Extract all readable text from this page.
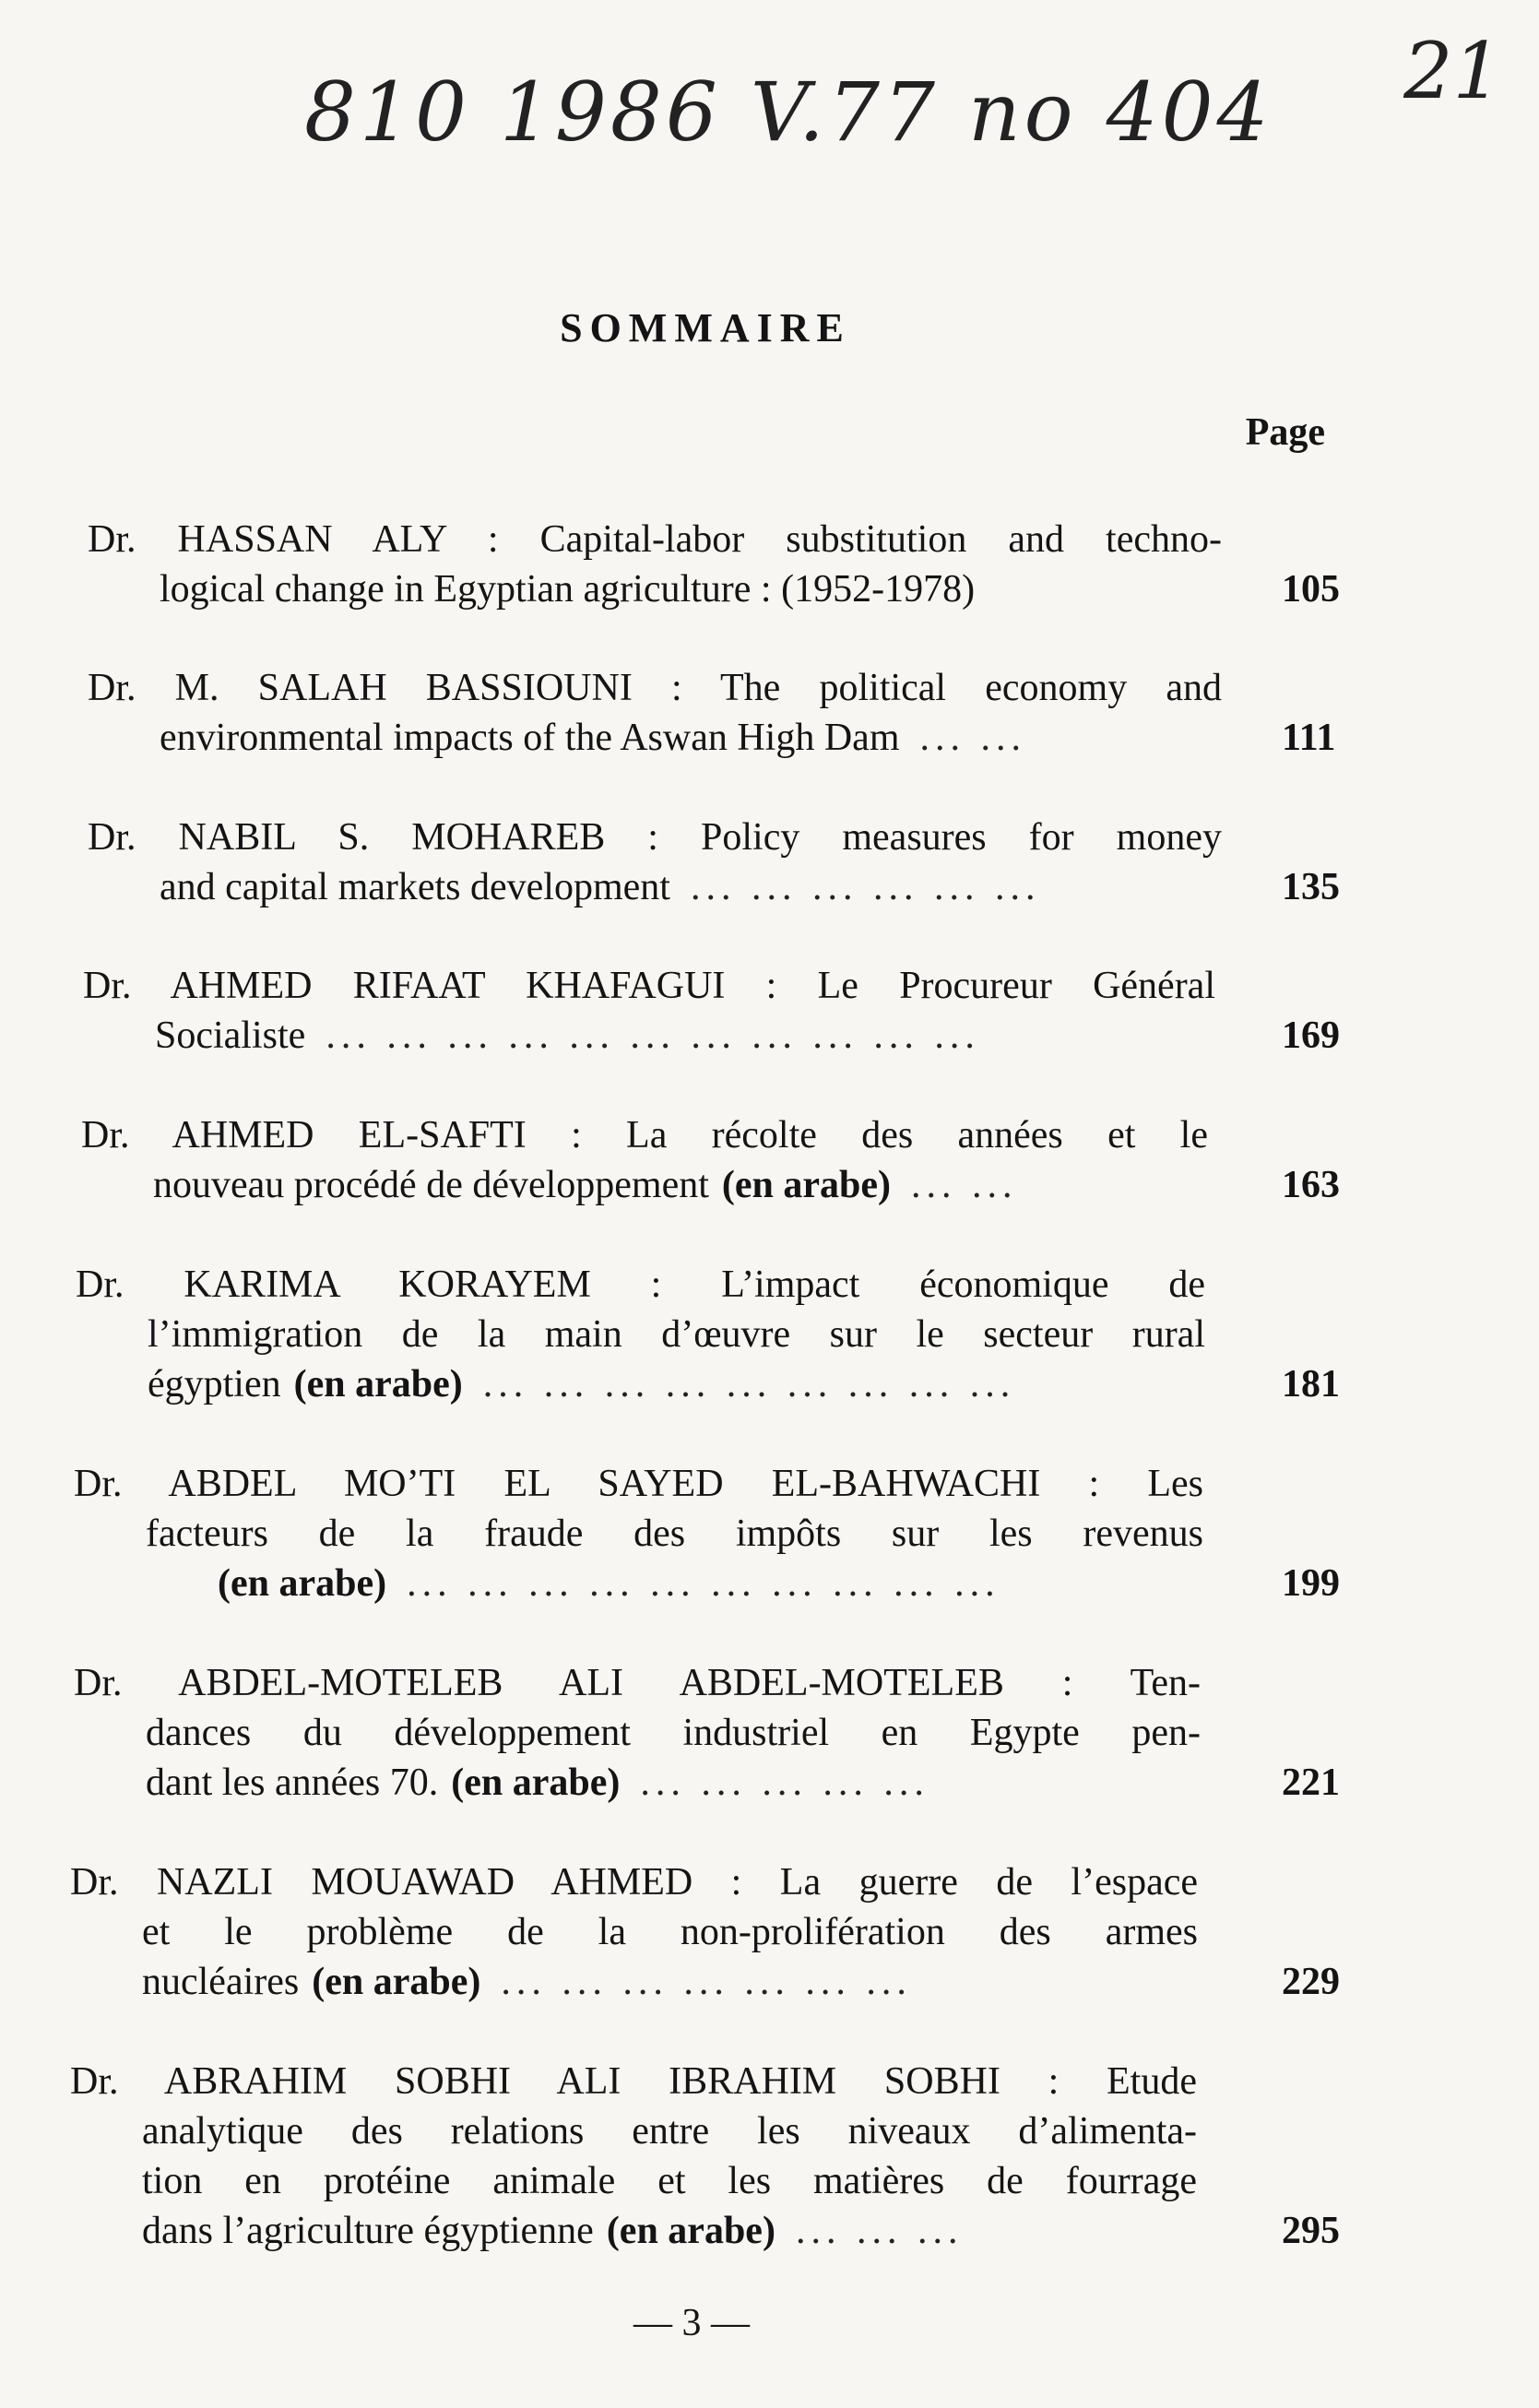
810 1986 V.77 no 404 21
SOMMAIRE
Page
Dr. HASSAN ALY : Capital-labor substitution and techno-
logical change in Egyptian agriculture : (1952-1978)	105
Dr. M. SALAH BASSIOUNI : The political economy and
environmental impacts of the Aswan High Dam ... ...	111
Dr. NABIL S. MOHAREB : Policy measures for money
and capital markets development ... ... ... ... ... ...	135
Dr. AHMED RIFAAT KHAFAGUI : Le Procureur Général
Socialiste ... ... ... ... ... ... ... ... ... ... ...	169
Dr. AHMED EL-SAFTI : La récolte des années et le
nouveau procédé de développement (en arabe) ... ...	163
Dr. KARIMA KORAYEM : L’impact économique de
l’immigration de la main d’œuvre sur le secteur rural
égyptien (en arabe) ... ... ... ... ... ... ... ... ...	181
Dr. ABDEL MO’TI EL SAYED EL-BAHWACHI : Les
facteurs de la fraude des impôts sur les revenus
(en arabe) ... ... ... ... ... ... ... ... ... ...	199
Dr. ABDEL-MOTELEB ALI ABDEL-MOTELEB : Ten-
dances du développement industriel en Egypte pen-
dant les années 70. (en arabe) ... ... ... ... ...	221
Dr. NAZLI MOUAWAD AHMED : La guerre de l’espace
et le problème de la non-prolifération des armes
nucléaires (en arabe) ... ... ... ... ... ... ...	229
Dr. ABRAHIM SOBHI ALI IBRAHIM SOBHI : Etude
analytique des relations entre les niveaux d’alimenta-
tion en protéine animale et les matières de fourrage
dans l’agriculture égyptienne (en arabe) ... ... ...	295
— 3 —
